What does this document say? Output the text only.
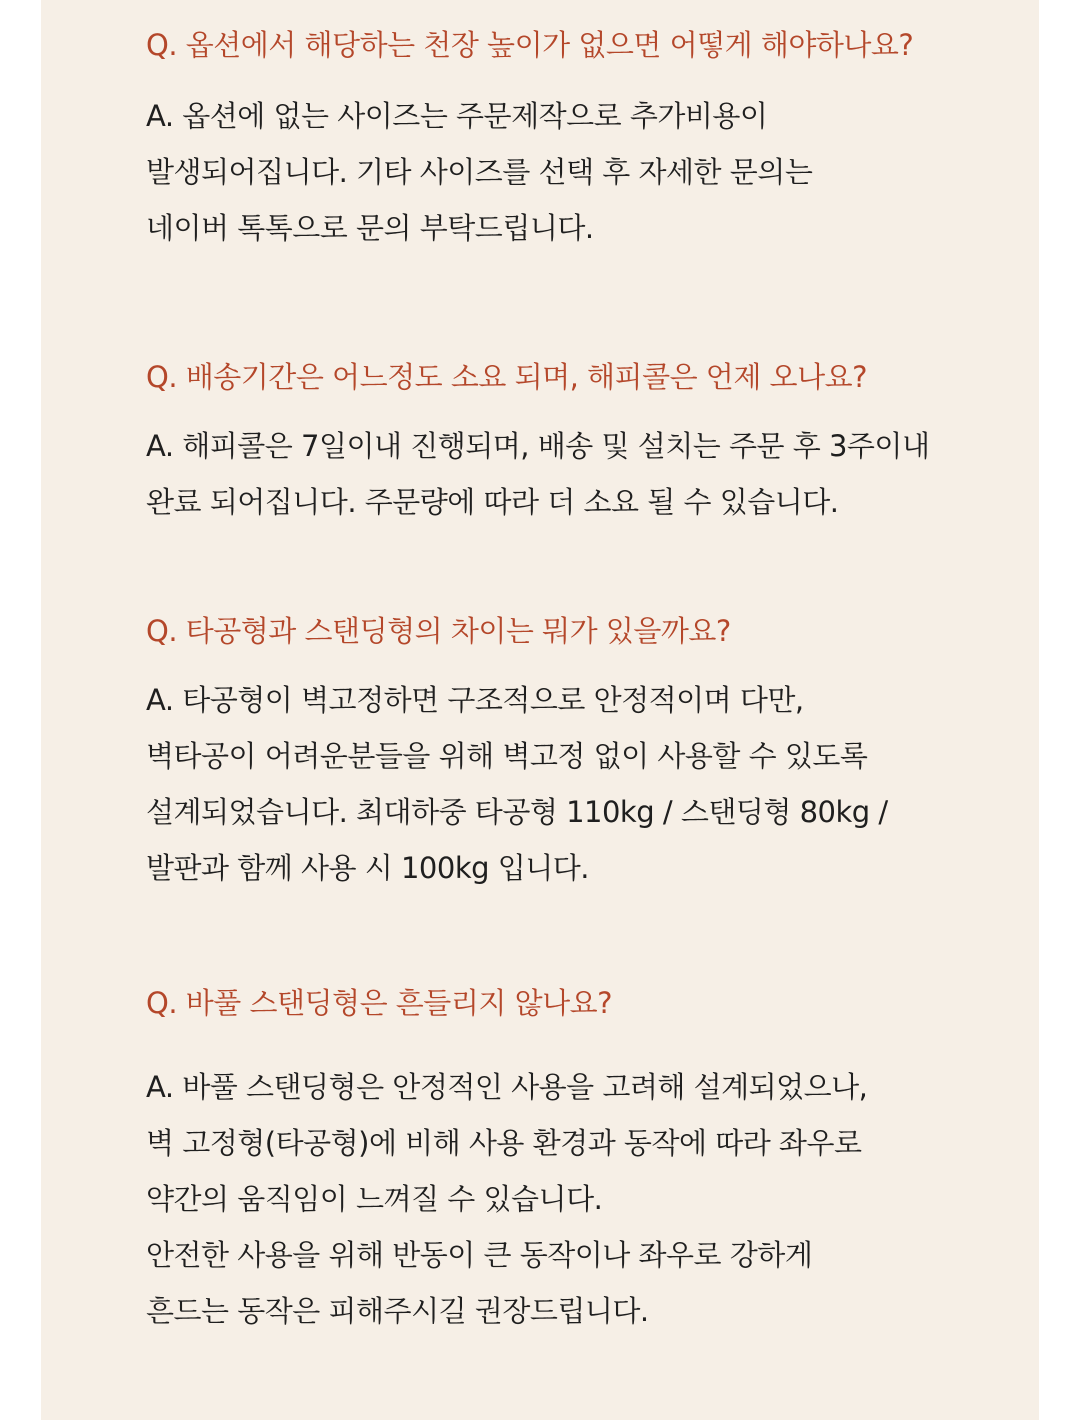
Q. 옵션에서 해당하는 천장 높이가 없으면 어떻게 해야하나요?
A. 옵션에 없는 사이즈는 주문제작으로 추가비용이
발생되어집니다. 기타 사이즈를 선택 후 자세한 문의는
네이버 톡톡으로 문의 부탁드립니다.
Q. 배송기간은 어느정도 소요 되며, 해피콜은 언제 오나요?
A. 해피콜은 7일이내 진행되며, 배송 및 설치는 주문 후 3주이내
완료 되어집니다. 주문량에 따라 더 소요 될 수 있습니다.
Q. 타공형과 스탠딩형의 차이는 뭐가 있을까요?
A. 타공형이 벽고정하면 구조적으로 안정적이며 다만,
벽타공이 어려운분들을 위해 벽고정 없이 사용할 수 있도록
설계되었습니다. 최대하중 타공형 110kg / 스탠딩형 80kg /
발판과 함께 사용 시 100kg 입니다.
Q. 바풀 스탠딩형은 흔들리지 않나요?
A. 바풀 스탠딩형은 안정적인 사용을 고려해 설계되었으나,
벽 고정형(타공형)에 비해 사용 환경과 동작에 따라 좌우로
약간의 움직임이 느껴질 수 있습니다.
안전한 사용을 위해 반동이 큰 동작이나 좌우로 강하게
흔드는 동작은 피해주시길 권장드립니다.
